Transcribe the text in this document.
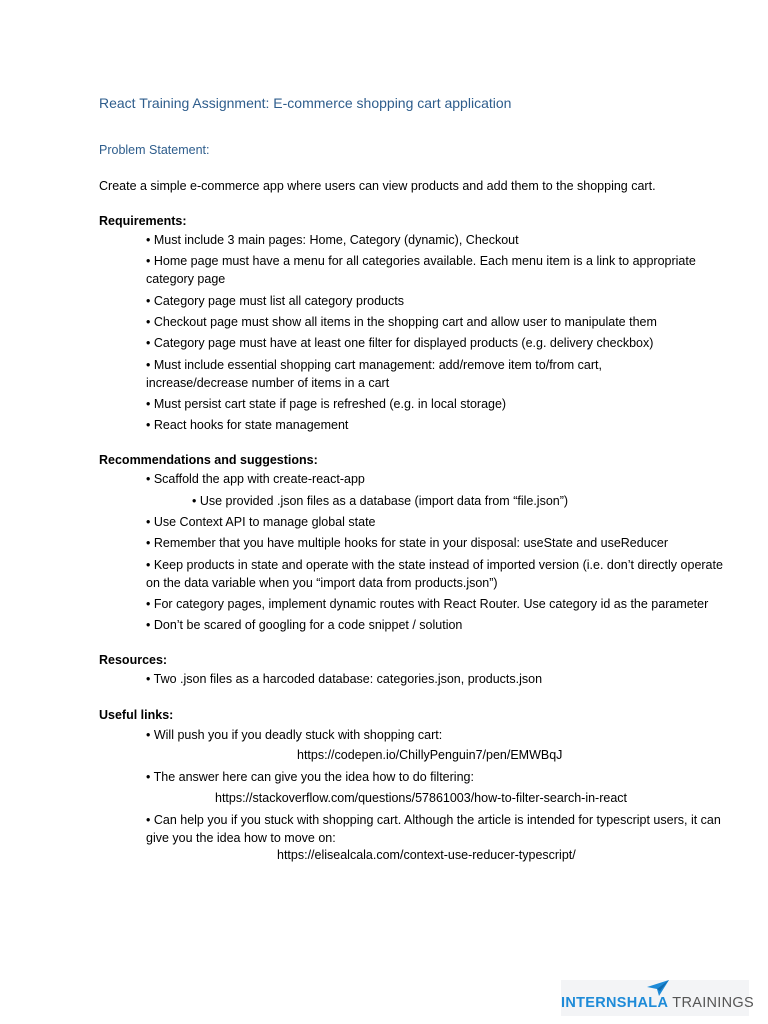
React Training Assignment: E-commerce shopping cart application
Problem Statement:
Create a simple e-commerce app where users can view products and add them to the shopping cart.
Requirements:
• Must include 3 main pages: Home, Category (dynamic), Checkout
• Home page must have a menu for all categories available. Each menu item is a link to appropriate category page
• Category page must list all category products
• Checkout page must show all items in the shopping cart and allow user to manipulate them
• Category page must have at least one filter for displayed products (e.g. delivery checkbox)
• Must include essential shopping cart management: add/remove item to/from cart, increase/decrease number of items in a cart
• Must persist cart state if page is refreshed (e.g. in local storage)
• React hooks for state management
Recommendations and suggestions:
• Scaffold the app with create-react-app
• Use provided .json files as a database (import data from “file.json”)
• Use Context API to manage global state
• Remember that you have multiple hooks for state in your disposal: useState and useReducer
• Keep products in state and operate with the state instead of imported version (i.e. don’t directly operate on the data variable when you “import data from products.json”)
• For category pages, implement dynamic routes with React Router. Use category id as the parameter
• Don’t be scared of googling for a code snippet / solution
Resources:
• Two .json files as a harcoded database: categories.json, products.json
Useful links:
• Will push you if you deadly stuck with shopping cart:
https://codepen.io/ChillyPenguin7/pen/EMWBqJ
• The answer here can give you the idea how to do filtering:
https://stackoverflow.com/questions/57861003/how-to-filter-search-in-react
• Can help you if you stuck with shopping cart. Although the article is intended for typescript users, it can give you the idea how to move on:
https://elisealcala.com/context-use-reducer-typescript/
INTERNSHALA TRAININGS
